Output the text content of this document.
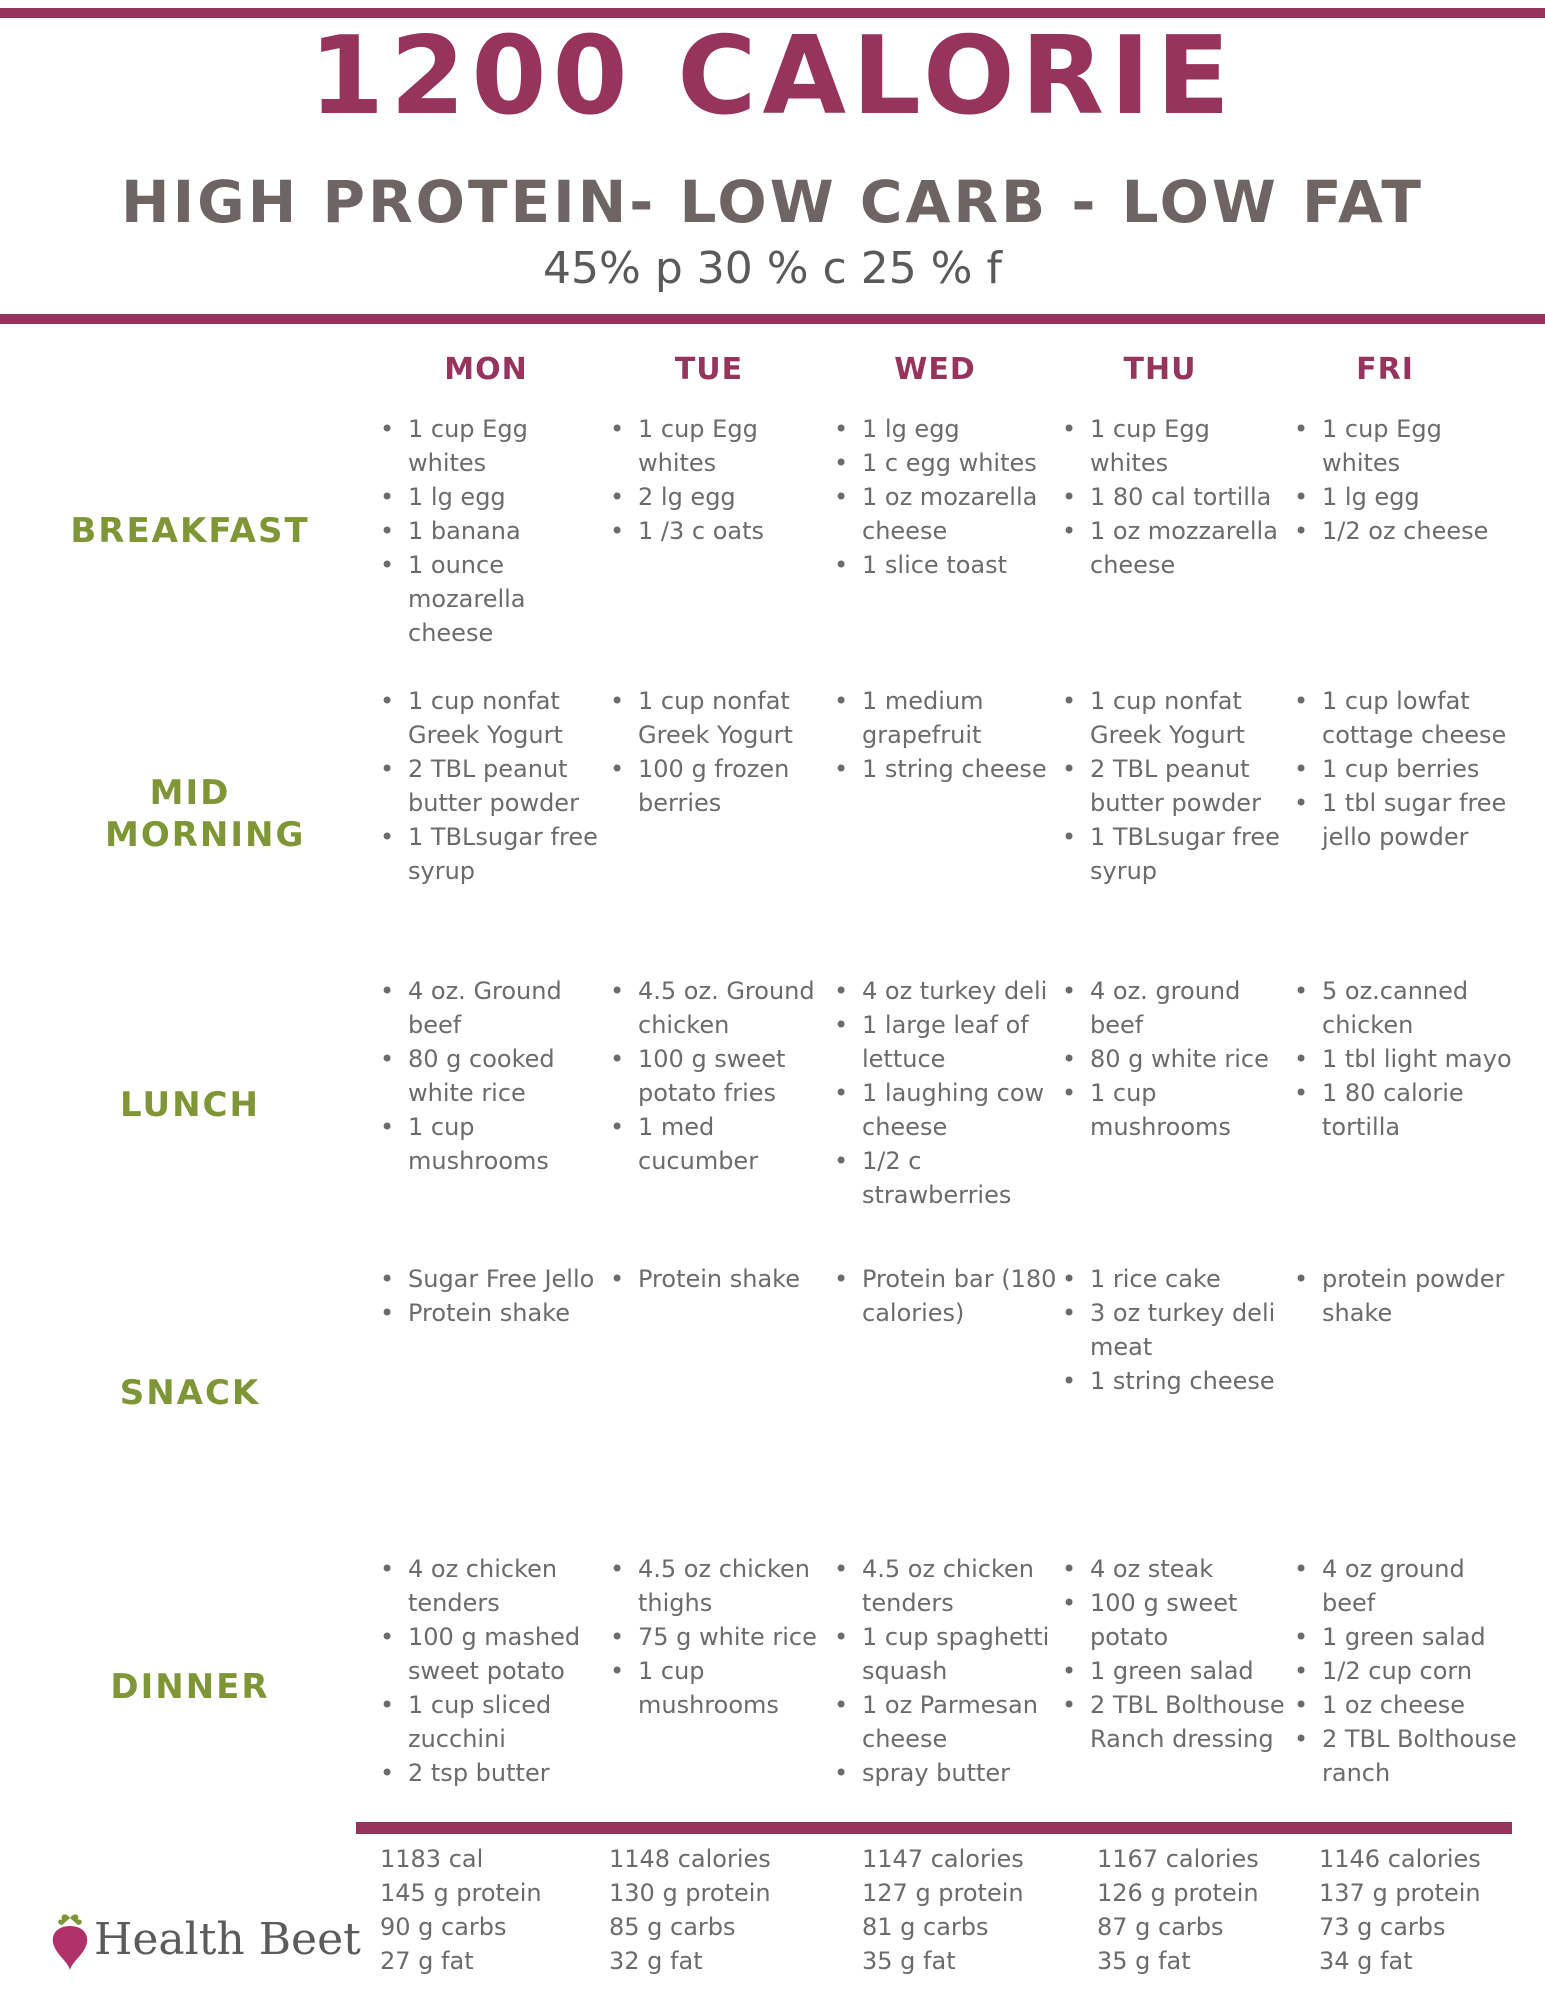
1200 CALORIE
HIGH PROTEIN- LOW CARB - LOW FAT
45% p 30 % c 25 % f
MON	TUE	WED	THU	FRI
BREAKFAST
MID MORNING
LUNCH
SNACK
DINNER
• 1 cup Egg whites
• 1 lg egg
• 1 banana
• 1 ounce mozarella cheese
• 1 cup Egg whites
• 2 lg egg
• 1 /3 c oats
• 1 lg egg
• 1 c egg whites
• 1 oz mozarella cheese
• 1 slice toast
• 1 cup Egg whites
• 1 80 cal tortilla
• 1 oz mozzarella cheese
• 1 cup Egg whites
• 1 lg egg
• 1/2 oz cheese
• 1 cup nonfat Greek Yogurt
• 2 TBL peanut butter powder
• 1 TBLsugar free syrup
• 1 cup nonfat Greek Yogurt
• 100 g frozen berries
• 1 medium grapefruit
• 1 string cheese
• 1 cup nonfat Greek Yogurt
• 2 TBL peanut butter powder
• 1 TBLsugar free syrup
• 1 cup lowfat cottage cheese
• 1 cup berries
• 1 tbl sugar free jello powder
• 4 oz. Ground beef
• 80 g cooked white rice
• 1 cup mushrooms
• 4.5 oz. Ground chicken
• 100 g sweet potato fries
• 1 med cucumber
• 4 oz turkey deli
• 1 large leaf of lettuce
• 1 laughing cow cheese
• 1/2 c strawberries
• 4 oz. ground beef
• 80 g white rice
• 1 cup mushrooms
• 5 oz.canned chicken
• 1 tbl light mayo
• 1 80 calorie tortilla
• Sugar Free Jello
• Protein shake
• Protein shake
•	Protein bar (180 calories)
• 1 rice cake
• 3 oz turkey deli meat
• 1 string cheese
• protein powder shake
• 4 oz chicken tenders
• 100 g mashed sweet potato
• 1 cup sliced zucchini
• 2 tsp butter
• 4.5 oz chicken thighs
• 75 g white rice
• 1 cup mushrooms
• 4.5 oz chicken tenders
• 1 cup spaghetti squash
• 1 oz Parmesan cheese
• spray butter
• 4 oz steak
• 100 g sweet potato
• 1 green salad
• 2 TBL Bolthouse Ranch dressing
• 4 oz ground beef
• 1 green salad
• 1/2 cup corn
• 1 oz cheese
• 2 TBL Bolthouse ranch
1183 cal
145 g protein
90 g carbs
27 g fat
1148 calories
130 g protein
85 g carbs
32 g fat
1147 calories
127 g protein
81 g carbs
35 g fat
1167 calories
126 g protein
87 g carbs
35 g fat
1146 calories
137 g protein
73 g carbs
34 g fat
Health Beet
